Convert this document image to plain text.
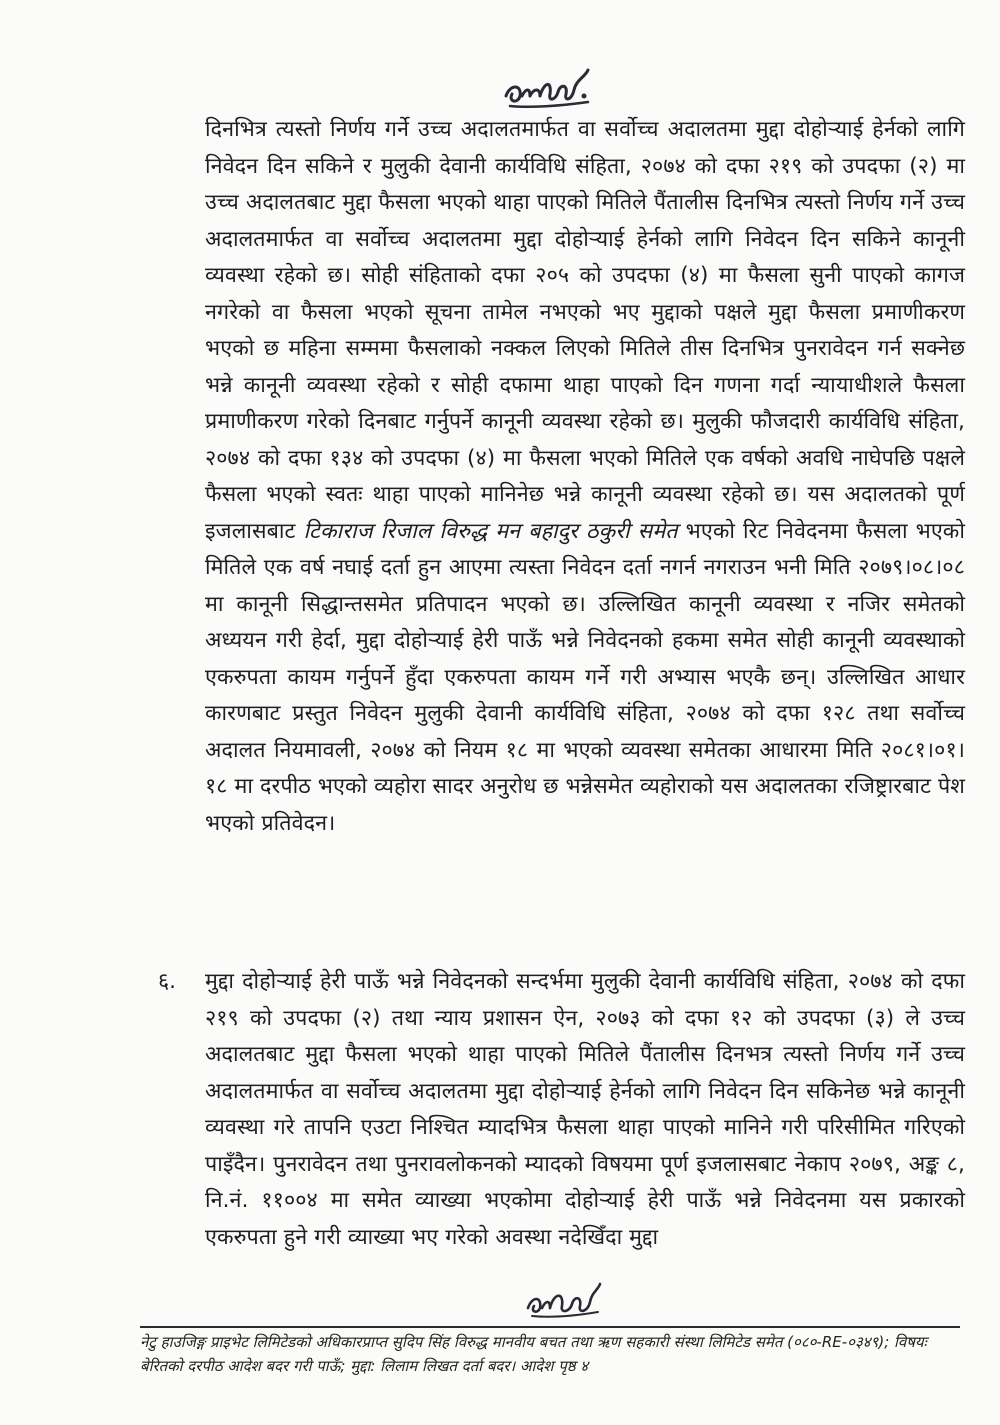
दिनभित्र त्यस्तो निर्णय गर्ने उच्च अदालतमार्फत वा सर्वोच्च अदालतमा मुद्दा दोहोऱ्याई हेर्नको लागि निवेदन दिन सकिने र मुलुकी देवानी कार्यविधि संहिता, २०७४ को दफा २१९ को उपदफा (२) मा उच्च अदालतबाट मुद्दा फैसला भएको थाहा पाएको मितिले पैंतालीस दिनभित्र त्यस्तो निर्णय गर्ने उच्च अदालतमार्फत वा सर्वोच्च अदालतमा मुद्दा दोहोऱ्याई हेर्नको लागि निवेदन दिन सकिने कानूनी व्यवस्था रहेको छ। सोही संहिताको दफा २०५ को उपदफा (४) मा फैसला सुनी पाएको कागज नगरेको वा फैसला भएको सूचना तामेल नभएको भए मुद्दाको पक्षले मुद्दा फैसला प्रमाणीकरण भएको छ महिना सम्ममा फैसलाको नक्कल लिएको मितिले तीस दिनभित्र पुनरावेदन गर्न सक्नेछ भन्ने कानूनी व्यवस्था रहेको र सोही दफामा थाहा पाएको दिन गणना गर्दा न्यायाधीशले फैसला प्रमाणीकरण गरेको दिनबाट गर्नुपर्ने कानूनी व्यवस्था रहेको छ। मुलुकी फौजदारी कार्यविधि संहिता, २०७४ को दफा १३४ को उपदफा (४) मा फैसला भएको मितिले एक वर्षको अवधि नाघेपछि पक्षले फैसला भएको स्वतः थाहा पाएको मानिनेछ भन्ने कानूनी व्यवस्था रहेको छ। यस अदालतको पूर्ण इजलासबाट टिकाराज रिजाल विरुद्ध मन बहादुर ठकुरी समेत भएको रिट निवेदनमा फैसला भएको मितिले एक वर्ष नघाई दर्ता हुन आएमा त्यस्ता निवेदन दर्ता नगर्न नगराउन भनी मिति २०७९।०८।०८ मा कानूनी सिद्धान्तसमेत प्रतिपादन भएको छ। उल्लिखित कानूनी व्यवस्था र नजिर समेतको अध्ययन गरी हेर्दा, मुद्दा दोहोऱ्याई हेरी पाऊँ भन्ने निवेदनको हकमा समेत सोही कानूनी व्यवस्थाको एकरुपता कायम गर्नुपर्ने हुँदा एकरुपता कायम गर्ने गरी अभ्यास भएकै छन्। उल्लिखित आधार कारणबाट प्रस्तुत निवेदन मुलुकी देवानी कार्यविधि संहिता, २०७४ को दफा १२८ तथा सर्वोच्च अदालत नियमावली, २०७४ को नियम १८ मा भएको व्यवस्था समेतका आधारमा मिति २०८१।०१।१८ मा दरपीठ भएको व्यहोरा सादर अनुरोध छ भन्नेसमेत व्यहोराको यस अदालतका रजिष्ट्रारबाट पेश भएको प्रतिवेदन।
६. मुद्दा दोहोऱ्याई हेरी पाऊँ भन्ने निवेदनको सन्दर्भमा मुलुकी देवानी कार्यविधि संहिता, २०७४ को दफा २१९ को उपदफा (२) तथा न्याय प्रशासन ऐन, २०७३ को दफा १२ को उपदफा (३) ले उच्च अदालतबाट मुद्दा फैसला भएको थाहा पाएको मितिले पैंतालीस दिनभत्र त्यस्तो निर्णय गर्ने उच्च अदालतमार्फत वा सर्वोच्च अदालतमा मुद्दा दोहोऱ्याई हेर्नको लागि निवेदन दिन सकिनेछ भन्ने कानूनी व्यवस्था गरे तापनि एउटा निश्चित म्यादभित्र फैसला थाहा पाएको मानिने गरी परिसीमित गरिएको पाइँदैन। पुनरावेदन तथा पुनरावलोकनको म्यादको विषयमा पूर्ण इजलासबाट नेकाप २०७९, अङ्क ८, नि.नं. ११००४ मा समेत व्याख्या भएकोमा दोहोऱ्याई हेरी पाऊँ भन्ने निवेदनमा यस प्रकारको एकरुपता हुने गरी व्याख्या भए गरेको अवस्था नदेखिँदा मुद्दा
नेटु हाउजिङ्ग प्राइभेट लिमिटेडको अधिकारप्राप्त सुदिप सिंह विरुद्ध मानवीय बचत तथा ऋण सहकारी संस्था लिमिटेड समेत (०८०-RE-०३४९); विषयः बेरितको दरपीठ आदेश बदर गरी पाऊँ; मुद्दा: लिलाम लिखत दर्ता बदर। आदेश पृष्ठ ४
